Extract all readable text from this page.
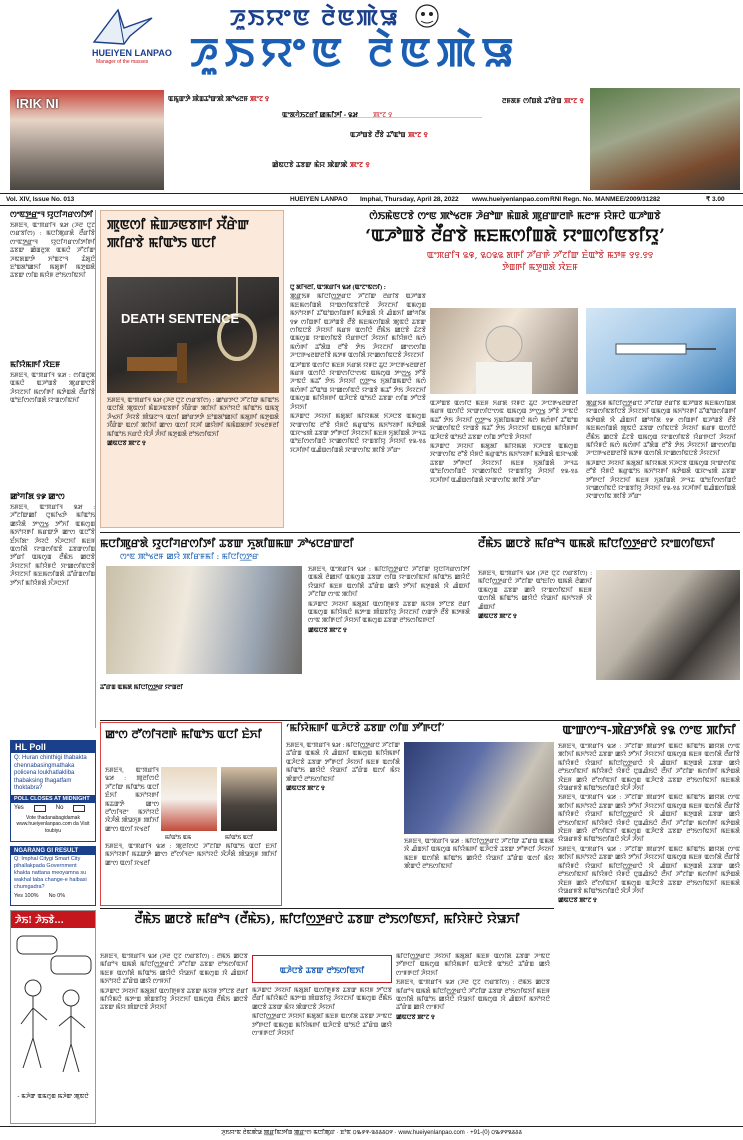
HUEIYEN LANPAO
Manager of the masses
ꯍꯨꯏꯌꯦꯟ ꯂꯥꯟꯄꯥꯎ
ꯍꯨꯏꯌꯦꯟ ꯂꯥꯟꯄꯥꯎ
IRIK NI	ꯑꯃꯨꯛꯇꯥ ꯄꯥꯡꯊꯣꯛꯄꯥ ꯄꯣꯠꯂꯝ ꯄꯦꯖ ꯱
ꯑꯦꯗꯚꯥꯏꯖꯔꯤ ꯀꯃꯤꯇꯤ - ꯲꯷ ꯄꯦꯖ ꯱
ꯑꯍꯣꯡꯕꯥ ꯂꯩꯕꯥ ꯊꯧꯑꯣꯡ ꯄꯦꯖ ꯱
ꯀꯥꯟꯅꯕꯥ ꯊꯕꯛ ꯃꯥꯌ ꯄꯥꯛꯄꯥ ꯄꯦꯖ ꯱
ꯂꯝꯗꯝ ꯁꯤꯡꯗꯥ ꯊꯧꯔꯥꯡ ꯄꯦꯖ ꯱
Vol. XIV, Issue No. 013	HUEIYEN LANPAO Imphal, Thursday, April 28, 2022 www.hueiyenlanpao.com RNI Regn. No. MANMEE/2009/31282	₹ 3.00
ꯁꯦꯟꯇ꯭ꯔꯦꯜ ꯌꯨꯅꯤꯚꯔꯁꯤꯇꯤ

ꯏꯝꯐꯥꯜ, ꯑꯦꯞꯔꯤꯜ ꯲꯷ (ꯍꯂ ꯅꯨꯖ ꯁꯔꯕꯤꯁ) : ꯃꯅꯤꯄꯨꯔꯗꯥ ꯂꯩꯔꯤꯕꯥ ꯁꯦꯟꯇ꯭ꯔꯦꯜ ꯌꯨꯅꯤꯚꯔꯁꯤꯇꯤꯒꯤ ꯊꯕꯛ ꯀꯥꯡꯂꯨꯞ ꯑꯃꯅꯥ ꯍꯧꯖꯤꯛ ꯍꯟꯗꯛꯇꯥ ꯈꯣꯡꯖꯦꯜ ꯊꯥꯗꯨꯅꯥ ꯐꯣꯡꯗꯣꯀꯈꯤ ꯃꯗꯨꯒꯤ ꯃꯇꯨꯡꯗꯥ ꯊꯕꯛ ꯁꯤꯡ ꯃꯌꯥꯝ ꯂꯣꯏꯁꯤꯟꯈꯤ

ꯃꯤꯌꯥꯃꯒꯤ ꯋꯥꯐꯝ

ꯏꯝꯐꯥꯜ, ꯑꯦꯞꯔꯤꯜ ꯲꯷ : ꯁꯤꯡꯂꯨꯞ ꯑꯃꯅꯥ ꯑꯍꯣꯡꯕꯥ ꯄꯨꯔꯛꯅꯕꯥ ꯍꯥꯌꯖꯈꯤ ꯃꯁꯤꯒꯤ ꯃꯇꯥꯡꯗꯥ ꯂꯩꯔꯤꯕꯥ ꯑꯣꯐꯤꯁꯁꯤꯡꯗꯥ ꯌꯦꯡꯁꯤꯟꯈꯤ

ꯀꯣꯚꯤꯗ ꯱꯹ ꯀꯦꯁ

ꯏꯝꯐꯥꯜ, ꯑꯦꯞꯔꯤꯜ ꯲꯷ : ꯍꯧꯖꯤꯛꯀꯤ ꯅꯨꯃꯤꯠꯇꯥ ꯃꯤꯑꯣꯏ ꯀꯌꯥꯗꯥ ꯇꯦꯁ꯭ꯠ ꯇꯧꯈꯤ ꯑꯃꯁꯨꯡ ꯃꯈꯣꯌꯒꯤ ꯃꯔꯛꯇꯥ ꯀꯦꯁ ꯑꯅꯧꯕꯥ ꯐꯪꯈꯤꯗꯦ ꯍꯥꯌꯅꯥ ꯈꯪꯍꯅꯈꯤ ꯃꯐꯝ ꯑꯁꯤꯗꯥ ꯌꯦꯡꯁꯤꯟꯕꯥ ꯊꯕꯛꯁꯤꯡ ꯇꯧꯔꯤ ꯑꯃꯁꯨꯡ ꯂꯩꯃꯥꯏ ꯀꯅꯕꯥ ꯍꯥꯌꯖꯈꯤ ꯃꯤꯌꯥꯝꯅꯥ ꯆꯦꯀꯁꯤꯟꯅꯕꯥ ꯍꯥꯌꯖꯈꯤ ꯃꯐꯃꯁꯤꯡꯗꯥ ꯊꯧꯔꯥꯡꯁꯤꯡ ꯇꯧꯈꯤ ꯃꯤꯌꯥꯝꯗꯥ ꯈꯪꯍꯅꯈꯤ

HL Poll
Q: Huran chinthigi thabakta chennabasingmathaka policena loukhatlakliba thabaksing thagatfam thoktabra?
POLL CLOSES AT MIDNIGHT
Yes	No
Vote thadanabagidamak www.hueiyenlanpao.com da Visit toubiyu
NGARANG GI RESULT
Q: Imphal Citygi Smart City pihallakpada Government khakta nattana meoyamna su wakhal taba change-e haibasi chumgadra?
Yes 100% No 0%
ꯍꯥꯏ! ꯍꯥꯏꯕꯥ...
- ꯃꯍꯥꯛ ꯑꯃꯁꯨꯡ ꯃꯍꯥꯛ ꯄꯨꯟꯅꯥ
ꯁꯥꯏꯃꯥꯟꯅꯕꯥ ꯁꯦꯟ ꯄꯣꯠꯂꯝ ꯍꯥꯔꯣꯛ ꯃꯥꯡꯗꯥ ꯄꯨꯔꯛꯂꯒꯥ ꯃꯂꯦꯝ ꯌꯥꯝꯅꯥ ꯑꯍꯣꯡꯕꯥ
‘ꯑꯍꯣꯡꯕꯥ ꯂꯩꯔꯕꯥ ꯃꯐꯃꯁꯤꯡꯗꯥ ꯌꯦꯡꯁꯤꯟꯕꯤꯌꯨ’
ꯑꯦꯞꯔꯤꯜ ꯲꯶, ꯲꯰꯲꯲ ꯗꯒꯤ ꯍꯧꯔꯒꯥ ꯍꯧꯖꯤꯛ ꯐꯥꯑꯣꯕꯥ ꯃꯇꯝ ꯱꯱.꯱꯱ ꯇꯥꯡꯒꯤ ꯃꯇꯨꯡꯗꯥ ꯋꯥꯐꯝ

ꯅꯨ ꯗꯤꯜꯂꯤ, ꯑꯦꯞꯔꯤꯜ ꯲꯷ (ꯑꯦꯖꯦꯟꯁꯤ) :

ꯄ꯭ꯔꯥꯏꯝ ꯃꯤꯅꯤꯁ꯭ꯇꯔꯅꯥ ꯍꯧꯖꯤꯛ ꯂꯩꯔꯤꯕꯥ ꯑꯍꯣꯡꯕꯥ ꯃꯐꯃꯁꯤꯡꯗꯥ ꯌꯦꯡꯁꯤꯟꯕꯤꯅꯕꯥ ꯍꯥꯌꯖꯈꯤ ꯑꯃꯁꯨꯡ ꯃꯈꯣꯌꯒꯤ ꯊꯧꯑꯣꯡꯁꯤꯡꯒꯤ ꯃꯇꯥꯡꯗꯥ ꯋꯥ ꯉꯥꯡꯈꯤ ꯀꯣꯚꯤꯗ ꯱꯹ ꯁꯤꯡꯒꯤ ꯑꯍꯣꯡꯕꯥ ꯂꯩꯕꯥ ꯃꯐꯃꯁꯤꯡꯗꯥ ꯄꯨꯟꯅꯥ ꯊꯕꯛ ꯁꯤꯟꯅꯕꯥ ꯍꯥꯌꯈꯤ ꯃꯔꯝ ꯑꯁꯤꯅꯥ ꯂꯩꯃꯥꯏ ꯀꯅꯕꯥ ꯊꯥꯖꯕꯥ ꯑꯃꯁꯨꯡ ꯌꯦꯡꯁꯤꯟꯕꯥ ꯌꯥꯔꯒꯅꯤ ꯍꯥꯌꯈꯤ ꯃꯤꯌꯥꯝꯅꯥ ꯃꯁꯥ ꯃꯁꯥꯒꯤ ꯊꯧꯗꯥꯡ ꯂꯧꯕꯥ ꯇꯥꯏ ꯍꯥꯌꯖꯈꯤ ꯀꯦꯁꯁꯤꯡ ꯍꯦꯅꯒꯠꯂꯛꯂꯤꯕꯥ ꯃꯇꯝ ꯑꯁꯤꯗꯥ ꯆꯦꯀꯁꯤꯟꯅꯕꯥ ꯍꯥꯌꯖꯈꯤ

ꯑꯍꯣꯡꯕꯥ ꯑꯁꯤꯅꯥ ꯃꯐꯝ ꯈꯔꯗꯥ ꯌꯥꯝꯅꯥ ꯊꯨꯅꯥ ꯍꯦꯅꯒꯠꯂꯛꯂꯤ ꯃꯔꯝ ꯑꯁꯤꯅꯥ ꯋꯦꯛꯁꯤꯅꯦꯁꯟ ꯑꯃꯁꯨꯡ ꯇꯦꯁ꯭ꯠ ꯇꯧꯕꯥ ꯍꯦꯟꯅꯥ ꯃꯊꯧ ꯇꯥꯏ ꯍꯥꯌꯈꯤ ꯁ꯭ꯇꯦꯠ ꯈꯨꯗꯤꯡꯃꯛꯅꯥ ꯃꯁꯥ ꯃꯁꯥꯒꯤ ꯊꯧꯑꯣꯡ ꯆꯦꯀꯁꯤꯟꯅꯥ ꯌꯦꯡꯕꯥ ꯃꯊꯧ ꯇꯥꯏ ꯍꯥꯌꯖꯈꯤ ꯑꯃꯁꯨꯡ ꯃꯤꯌꯥꯝꯒꯤ ꯑꯍꯥꯅꯕꯥ ꯑꯣꯏꯅꯥ ꯊꯕꯛ ꯁꯤꯡ ꯇꯧꯅꯕꯥ ꯍꯥꯌꯈꯤ

ꯃꯍꯥꯛꯅꯥ ꯍꯥꯌꯈꯤ ꯃꯗꯨꯗꯤ ꯃꯤꯌꯥꯃꯗꯥ ꯈꯪꯍꯅꯕꯥ ꯑꯃꯁꯨꯡ ꯋꯦꯛꯁꯤꯟ ꯂꯧꯕꯥ ꯌꯥꯝꯅꯥ ꯃꯔꯨꯑꯣꯏ ꯃꯈꯣꯌꯒꯤ ꯃꯇꯥꯡꯗꯥ ꯑꯆꯦꯠꯄꯥ ꯊꯕꯛ ꯇꯧꯒꯅꯤ ꯍꯥꯌꯖꯈꯤ ꯃꯐꯝ ꯈꯨꯗꯤꯡꯗꯥ ꯍꯦꯜꯊ ꯑꯣꯐꯤꯁꯁꯤꯡꯅꯥ ꯆꯦꯀꯁꯤꯟꯅꯥ ꯌꯦꯡꯕꯤꯌꯨ ꯍꯥꯌꯈꯤ ꯱꯲-꯱꯴ ꯆꯍꯤꯒꯤ ꯑꯉꯥꯡꯁꯤꯡꯗꯥ ꯋꯦꯛꯁꯤꯟ ꯄꯤꯕꯥ ꯍꯧꯔꯦ

ꯑꯍꯣꯡꯕꯥ ꯑꯁꯤꯅꯥ ꯃꯐꯝ ꯈꯔꯗꯥ ꯌꯥꯝꯅꯥ ꯊꯨꯅꯥ ꯍꯦꯅꯒꯠꯂꯛꯂꯤ ꯃꯔꯝ ꯑꯁꯤꯅꯥ ꯋꯦꯛꯁꯤꯅꯦꯁꯟ ꯑꯃꯁꯨꯡ ꯇꯦꯁ꯭ꯠ ꯇꯧꯕꯥ ꯍꯦꯟꯅꯥ ꯃꯊꯧ ꯇꯥꯏ ꯍꯥꯌꯈꯤ ꯁ꯭ꯇꯦꯠ ꯈꯨꯗꯤꯡꯃꯛꯅꯥ ꯃꯁꯥ ꯃꯁꯥꯒꯤ ꯊꯧꯑꯣꯡ ꯆꯦꯀꯁꯤꯟꯅꯥ ꯌꯦꯡꯕꯥ ꯃꯊꯧ ꯇꯥꯏ ꯍꯥꯌꯖꯈꯤ ꯑꯃꯁꯨꯡ ꯃꯤꯌꯥꯝꯒꯤ ꯑꯍꯥꯅꯕꯥ ꯑꯣꯏꯅꯥ ꯊꯕꯛ ꯁꯤꯡ ꯇꯧꯅꯕꯥ ꯍꯥꯌꯈꯤ

ꯃꯍꯥꯛꯅꯥ ꯍꯥꯌꯈꯤ ꯃꯗꯨꯗꯤ ꯃꯤꯌꯥꯃꯗꯥ ꯈꯪꯍꯅꯕꯥ ꯑꯃꯁꯨꯡ ꯋꯦꯛꯁꯤꯟ ꯂꯧꯕꯥ ꯌꯥꯝꯅꯥ ꯃꯔꯨꯑꯣꯏ ꯃꯈꯣꯌꯒꯤ ꯃꯇꯥꯡꯗꯥ ꯑꯆꯦꯠꯄꯥ ꯊꯕꯛ ꯇꯧꯒꯅꯤ ꯍꯥꯌꯖꯈꯤ ꯃꯐꯝ ꯈꯨꯗꯤꯡꯗꯥ ꯍꯦꯜꯊ ꯑꯣꯐꯤꯁꯁꯤꯡꯅꯥ ꯆꯦꯀꯁꯤꯟꯅꯥ ꯌꯦꯡꯕꯤꯌꯨ ꯍꯥꯌꯈꯤ ꯱꯲-꯱꯴ ꯆꯍꯤꯒꯤ ꯑꯉꯥꯡꯁꯤꯡꯗꯥ ꯋꯦꯛꯁꯤꯟ ꯄꯤꯕꯥ ꯍꯧꯔꯦ

ꯄ꯭ꯔꯥꯏꯝ ꯃꯤꯅꯤꯁ꯭ꯇꯔꯅꯥ ꯍꯧꯖꯤꯛ ꯂꯩꯔꯤꯕꯥ ꯑꯍꯣꯡꯕꯥ ꯃꯐꯃꯁꯤꯡꯗꯥ ꯌꯦꯡꯁꯤꯟꯕꯤꯅꯕꯥ ꯍꯥꯌꯖꯈꯤ ꯑꯃꯁꯨꯡ ꯃꯈꯣꯌꯒꯤ ꯊꯧꯑꯣꯡꯁꯤꯡꯒꯤ ꯃꯇꯥꯡꯗꯥ ꯋꯥ ꯉꯥꯡꯈꯤ ꯀꯣꯚꯤꯗ ꯱꯹ ꯁꯤꯡꯒꯤ ꯑꯍꯣꯡꯕꯥ ꯂꯩꯕꯥ ꯃꯐꯃꯁꯤꯡꯗꯥ ꯄꯨꯟꯅꯥ ꯊꯕꯛ ꯁꯤꯟꯅꯕꯥ ꯍꯥꯌꯈꯤ ꯃꯔꯝ ꯑꯁꯤꯅꯥ ꯂꯩꯃꯥꯏ ꯀꯅꯕꯥ ꯊꯥꯖꯕꯥ ꯑꯃꯁꯨꯡ ꯌꯦꯡꯁꯤꯟꯕꯥ ꯌꯥꯔꯒꯅꯤ ꯍꯥꯌꯈꯤ ꯃꯤꯌꯥꯝꯅꯥ ꯃꯁꯥ ꯃꯁꯥꯒꯤ ꯊꯧꯗꯥꯡ ꯂꯧꯕꯥ ꯇꯥꯏ ꯍꯥꯌꯖꯈꯤ ꯀꯦꯁꯁꯤꯡ ꯍꯦꯅꯒꯠꯂꯛꯂꯤꯕꯥ ꯃꯇꯝ ꯑꯁꯤꯗꯥ ꯆꯦꯀꯁꯤꯟꯅꯕꯥ ꯍꯥꯌꯖꯈꯤ

ꯃꯍꯥꯛꯅꯥ ꯍꯥꯌꯈꯤ ꯃꯗꯨꯗꯤ ꯃꯤꯌꯥꯃꯗꯥ ꯈꯪꯍꯅꯕꯥ ꯑꯃꯁꯨꯡ ꯋꯦꯛꯁꯤꯟ ꯂꯧꯕꯥ ꯌꯥꯝꯅꯥ ꯃꯔꯨꯑꯣꯏ ꯃꯈꯣꯌꯒꯤ ꯃꯇꯥꯡꯗꯥ ꯑꯆꯦꯠꯄꯥ ꯊꯕꯛ ꯇꯧꯒꯅꯤ ꯍꯥꯌꯖꯈꯤ ꯃꯐꯝ ꯈꯨꯗꯤꯡꯗꯥ ꯍꯦꯜꯊ ꯑꯣꯐꯤꯁꯁꯤꯡꯅꯥ ꯆꯦꯀꯁꯤꯟꯅꯥ ꯌꯦꯡꯕꯤꯌꯨ ꯍꯥꯌꯈꯤ ꯱꯲-꯱꯴ ꯆꯍꯤꯒꯤ ꯑꯉꯥꯡꯁꯤꯡꯗꯥ ꯋꯦꯛꯁꯤꯟ ꯄꯤꯕꯥ ꯍꯧꯔꯦ

ꯄꯨꯟꯁꯤ ꯃꯥꯡꯍꯟꯕꯒꯤ ꯆꯩꯔꯥꯛ ꯄꯤꯔꯕꯥ ꯃꯤꯑꯣꯏ ꯑꯅꯤ
DEATH SENTENCE

ꯏꯝꯐꯥꯜ, ꯑꯦꯞꯔꯤꯜ ꯲꯷ (ꯍꯂ ꯅꯨꯖ ꯁꯔꯕꯤꯁ) : ꯀꯣꯔꯇꯅꯥ ꯍꯧꯖꯤꯛ ꯃꯤꯑꯣꯏ ꯑꯅꯤꯗꯥ ꯄꯨꯟꯁꯤ ꯃꯥꯡꯍꯟꯕꯒꯤ ꯆꯩꯔꯥꯛ ꯄꯤꯈꯤ ꯃꯈꯣꯌꯅꯥ ꯃꯤꯑꯣꯏ ꯑꯃꯕꯨ ꯍꯥꯠꯈꯤ ꯍꯥꯌꯕꯥ ꯄꯥꯎꯖꯦꯜ ꯑꯁꯤ ꯀꯣꯔꯇꯇꯥ ꯐꯣꯡꯗꯣꯀꯈꯤ ꯃꯗꯨꯒꯤ ꯃꯇꯨꯡꯗꯥ ꯆꯩꯔꯥꯛ ꯑꯁꯤ ꯄꯤꯈꯤ ꯀꯦꯁ ꯑꯁꯤ ꯆꯍꯤ ꯀꯌꯥꯒꯤ ꯃꯃꯥꯡꯗꯒꯤ ꯆꯠꯂꯝꯂꯤ ꯃꯤꯑꯣꯏ ꯈꯔꯅꯥ ꯋꯥꯍꯪ ꯍꯪꯈꯤ ꯃꯇꯨꯡꯗꯥ ꯂꯣꯏꯁꯤꯟꯈꯤ

ꯀꯥꯟꯅꯕꯥ ꯄꯦꯖ ꯱

ꯃꯅꯤꯄꯨꯔꯗꯥ ꯌꯨꯅꯤꯚꯔꯁꯤꯇꯤ ꯊꯕꯛ ꯈꯨꯗꯤꯡꯃꯛ ꯍꯣꯠꯅꯔꯛꯂꯤ
ꯁꯦꯟ ꯄꯣꯠꯂꯝ ꯀꯌꯥ ꯄꯤꯔꯝꯃꯤ : ꯃꯤꯅꯤꯁ꯭ꯇꯔ

ꯏꯝꯐꯥꯜ, ꯑꯦꯞꯔꯤꯜ ꯲꯷ : ꯃꯤꯅꯤꯁ꯭ꯇꯔꯅꯥ ꯍꯧꯖꯤꯛ ꯌꯨꯅꯤꯚꯔꯁꯤꯇꯤ ꯑꯃꯗꯥ ꯂꯥꯀꯈꯤ ꯑꯃꯁꯨꯡ ꯊꯕꯛ ꯁꯤꯡ ꯌꯦꯡꯁꯤꯟꯈꯤ ꯃꯤꯑꯣꯏ ꯀꯌꯥꯅꯥ ꯌꯥꯎꯈꯤ ꯃꯐꯝ ꯑꯁꯤꯗꯥ ꯊꯧꯔꯥꯡ ꯀꯌꯥ ꯇꯧꯈꯤ ꯃꯇꯨꯡꯗꯥ ꯋꯥ ꯉꯥꯡꯈꯤ ꯍꯧꯖꯤꯛ ꯁꯦꯟ ꯄꯤꯈꯤ

ꯃꯍꯥꯛꯅꯥ ꯍꯥꯌꯈꯤ ꯃꯗꯨꯗꯤ ꯑꯁꯤꯒꯨꯝꯕꯥ ꯊꯕꯛ ꯃꯌꯥꯝ ꯇꯧꯅꯕꯥ ꯂꯩꯔꯤ ꯑꯃꯁꯨꯡ ꯃꯤꯌꯥꯃꯅꯥ ꯃꯇꯦꯡ ꯄꯥꯡꯕꯤꯌꯨ ꯍꯥꯌꯖꯈꯤ ꯁꯛꯇꯥ ꯂꯩꯕꯥ ꯃꯇꯝꯗꯥ ꯁꯦꯟ ꯄꯤꯒꯅꯤ ꯍꯥꯌꯈꯤ ꯑꯃꯁꯨꯡ ꯊꯕꯛ ꯂꯣꯏꯁꯤꯟꯒꯅꯤ

ꯀꯥꯟꯅꯕꯥ ꯄꯦꯖ ꯱

ꯊꯧꯔꯥꯡ ꯑꯃꯗꯥ ꯃꯤꯅꯤꯁ꯭ꯇꯔ ꯌꯦꯡꯂꯤ
ꯂꯩꯃꯥꯏ ꯀꯅꯕꯥ ꯃꯤꯔꯣꯜ ꯑꯃꯗꯥ ꯃꯤꯅꯤꯁ꯭ꯇꯔꯅꯥ ꯌꯦꯡꯁꯤꯟꯈꯤ

ꯏꯝꯐꯥꯜ, ꯑꯦꯞꯔꯤꯜ ꯲꯷ (ꯍꯂ ꯅꯨꯖ ꯁꯔꯕꯤꯁ) : ꯃꯤꯅꯤꯁ꯭ꯇꯔꯅꯥ ꯍꯧꯖꯤꯛ ꯑꯣꯐꯤꯁ ꯑꯃꯗꯥ ꯂꯥꯀꯈꯤ ꯑꯃꯁꯨꯡ ꯊꯕꯛ ꯀꯌꯥ ꯌꯦꯡꯁꯤꯟꯈꯤ ꯃꯐꯝ ꯑꯁꯤꯗꯥ ꯃꯤꯑꯣꯏ ꯀꯌꯥꯅꯥ ꯌꯥꯎꯈꯤ ꯃꯈꯣꯌꯒꯥ ꯋꯥ ꯉꯥꯡꯈꯤ

ꯀꯥꯟꯅꯕꯥ ꯄꯦꯖ ꯱

ꯀꯦꯁ ꯂꯧꯁꯤꯜꯂꯒꯥ ꯃꯤꯑꯣꯏ ꯑꯅꯤ ꯐꯥꯈꯤ
ꯃꯤꯑꯣꯏ ꯑꯃ	ꯃꯤꯑꯣꯏ ꯑꯅꯤ

ꯏꯝꯐꯥꯜ, ꯑꯦꯞꯔꯤꯜ ꯲꯷ : ꯄꯨꯂꯤꯁꯅꯥ ꯍꯧꯖꯤꯛ ꯃꯤꯑꯣꯏ ꯑꯅꯤ ꯐꯥꯈꯤ ꯃꯈꯣꯌꯒꯤ ꯃꯊꯛꯇꯥ ꯀꯦꯁ ꯂꯧꯁꯤꯜꯂꯦ ꯃꯈꯣꯌꯅꯥ ꯋꯥꯍꯪꯗꯥ ꯄꯥꯎꯈꯨꯝ ꯄꯤꯈꯤ ꯀꯦꯁ ꯑꯁꯤ ꯆꯠꯂꯤ

ꯏꯝꯐꯥꯜ, ꯑꯦꯞꯔꯤꯜ ꯲꯷ : ꯄꯨꯂꯤꯁꯅꯥ ꯍꯧꯖꯤꯛ ꯃꯤꯑꯣꯏ ꯑꯅꯤ ꯐꯥꯈꯤ ꯃꯈꯣꯌꯒꯤ ꯃꯊꯛꯇꯥ ꯀꯦꯁ ꯂꯧꯁꯤꯜꯂꯦ ꯃꯈꯣꯌꯅꯥ ꯋꯥꯍꯪꯗꯥ ꯄꯥꯎꯈꯨꯝ ꯄꯤꯈꯤ ꯀꯦꯁ ꯑꯁꯤ ꯆꯠꯂꯤ

‘ꯃꯤꯌꯥꯃꯒꯤ ꯑꯍꯥꯅꯕꯥ ꯊꯕꯛ ꯁꯤꯡ ꯇꯧꯒꯅꯤ’

ꯏꯝꯐꯥꯜ, ꯑꯦꯞꯔꯤꯜ ꯲꯷ : ꯃꯤꯅꯤꯁ꯭ꯇꯔꯅꯥ ꯍꯧꯖꯤꯛ ꯊꯧꯔꯥꯡ ꯑꯃꯗꯥ ꯋꯥ ꯉꯥꯡꯈꯤ ꯑꯃꯁꯨꯡ ꯃꯤꯌꯥꯃꯒꯤ ꯑꯍꯥꯅꯕꯥ ꯊꯕꯛ ꯇꯧꯒꯅꯤ ꯍꯥꯌꯈꯤ ꯃꯐꯝ ꯑꯁꯤꯗꯥ ꯃꯤꯑꯣꯏ ꯀꯌꯥꯅꯥ ꯌꯥꯎꯈꯤ ꯊꯧꯔꯥꯡ ꯑꯁꯤ ꯃꯥꯌ ꯄꯥꯛꯅꯥ ꯂꯣꯏꯁꯤꯟꯈꯤ

ꯀꯥꯟꯅꯕꯥ ꯄꯦꯖ ꯱

ꯏꯝꯐꯥꯜ, ꯑꯦꯞꯔꯤꯜ ꯲꯷ : ꯃꯤꯅꯤꯁ꯭ꯇꯔꯅꯥ ꯍꯧꯖꯤꯛ ꯊꯧꯔꯥꯡ ꯑꯃꯗꯥ ꯋꯥ ꯉꯥꯡꯈꯤ ꯑꯃꯁꯨꯡ ꯃꯤꯌꯥꯃꯒꯤ ꯑꯍꯥꯅꯕꯥ ꯊꯕꯛ ꯇꯧꯒꯅꯤ ꯍꯥꯌꯈꯤ ꯃꯐꯝ ꯑꯁꯤꯗꯥ ꯃꯤꯑꯣꯏ ꯀꯌꯥꯅꯥ ꯌꯥꯎꯈꯤ ꯊꯧꯔꯥꯡ ꯑꯁꯤ ꯃꯥꯌ ꯄꯥꯛꯅꯥ ꯂꯣꯏꯁꯤꯟꯈꯤ

ꯑꯦꯛꯁꯦꯜ-ꯄꯥꯔꯇꯤꯗꯥ ꯱꯲ ꯁꯦꯟ ꯄꯤꯈꯤ

ꯏꯝꯐꯥꯜ, ꯑꯦꯞꯔꯤꯜ ꯲꯷ : ꯍꯧꯖꯤꯛ ꯄꯥꯔꯇꯤ ꯑꯃꯅꯥ ꯃꯤꯑꯣꯏ ꯀꯌꯥꯗꯥ ꯁꯦꯟ ꯄꯤꯈꯤ ꯃꯈꯣꯌꯅꯥ ꯊꯕꯛ ꯀꯌꯥ ꯇꯧꯈꯤ ꯍꯥꯌꯖꯈꯤ ꯑꯃꯁꯨꯡ ꯃꯐꯝ ꯑꯁꯤꯗꯥ ꯂꯩꯔꯤꯕꯥ ꯃꯤꯌꯥꯝꯅꯥ ꯌꯥꯎꯈꯤ ꯃꯤꯅꯤꯁ꯭ꯇꯔꯅꯥ ꯋꯥ ꯉꯥꯡꯈꯤ ꯃꯇꯨꯡꯗꯥ ꯊꯕꯛ ꯀꯌꯥ ꯂꯣꯏꯁꯤꯟꯈꯤ ꯃꯤꯌꯥꯝꯅꯥ ꯌꯥꯝꯅꯥ ꯅꯨꯡꯉꯥꯏꯅꯥ ꯂꯩꯈꯤ ꯍꯧꯖꯤꯛ ꯃꯁꯤꯒꯤ ꯃꯇꯥꯡꯗꯥ ꯋꯥꯐꯝ ꯀꯌꯥ ꯂꯧꯁꯤꯟꯈꯤ ꯑꯃꯁꯨꯡ ꯑꯍꯥꯅꯕꯥ ꯊꯕꯛ ꯂꯣꯏꯁꯤꯟꯈꯤ ꯃꯐꯃꯗꯥ ꯌꯥꯎꯔꯝꯕꯥ ꯃꯤꯑꯣꯏꯁꯤꯡꯅꯥ ꯋꯥꯍꯪ ꯍꯪꯈꯤ

ꯏꯝꯐꯥꯜ, ꯑꯦꯞꯔꯤꯜ ꯲꯷ : ꯍꯧꯖꯤꯛ ꯄꯥꯔꯇꯤ ꯑꯃꯅꯥ ꯃꯤꯑꯣꯏ ꯀꯌꯥꯗꯥ ꯁꯦꯟ ꯄꯤꯈꯤ ꯃꯈꯣꯌꯅꯥ ꯊꯕꯛ ꯀꯌꯥ ꯇꯧꯈꯤ ꯍꯥꯌꯖꯈꯤ ꯑꯃꯁꯨꯡ ꯃꯐꯝ ꯑꯁꯤꯗꯥ ꯂꯩꯔꯤꯕꯥ ꯃꯤꯌꯥꯝꯅꯥ ꯌꯥꯎꯈꯤ ꯃꯤꯅꯤꯁ꯭ꯇꯔꯅꯥ ꯋꯥ ꯉꯥꯡꯈꯤ ꯃꯇꯨꯡꯗꯥ ꯊꯕꯛ ꯀꯌꯥ ꯂꯣꯏꯁꯤꯟꯈꯤ ꯃꯤꯌꯥꯝꯅꯥ ꯌꯥꯝꯅꯥ ꯅꯨꯡꯉꯥꯏꯅꯥ ꯂꯩꯈꯤ ꯍꯧꯖꯤꯛ ꯃꯁꯤꯒꯤ ꯃꯇꯥꯡꯗꯥ ꯋꯥꯐꯝ ꯀꯌꯥ ꯂꯧꯁꯤꯟꯈꯤ ꯑꯃꯁꯨꯡ ꯑꯍꯥꯅꯕꯥ ꯊꯕꯛ ꯂꯣꯏꯁꯤꯟꯈꯤ ꯃꯐꯃꯗꯥ ꯌꯥꯎꯔꯝꯕꯥ ꯃꯤꯑꯣꯏꯁꯤꯡꯅꯥ ꯋꯥꯍꯪ ꯍꯪꯈꯤ

ꯏꯝꯐꯥꯜ, ꯑꯦꯞꯔꯤꯜ ꯲꯷ : ꯍꯧꯖꯤꯛ ꯄꯥꯔꯇꯤ ꯑꯃꯅꯥ ꯃꯤꯑꯣꯏ ꯀꯌꯥꯗꯥ ꯁꯦꯟ ꯄꯤꯈꯤ ꯃꯈꯣꯌꯅꯥ ꯊꯕꯛ ꯀꯌꯥ ꯇꯧꯈꯤ ꯍꯥꯌꯖꯈꯤ ꯑꯃꯁꯨꯡ ꯃꯐꯝ ꯑꯁꯤꯗꯥ ꯂꯩꯔꯤꯕꯥ ꯃꯤꯌꯥꯝꯅꯥ ꯌꯥꯎꯈꯤ ꯃꯤꯅꯤꯁ꯭ꯇꯔꯅꯥ ꯋꯥ ꯉꯥꯡꯈꯤ ꯃꯇꯨꯡꯗꯥ ꯊꯕꯛ ꯀꯌꯥ ꯂꯣꯏꯁꯤꯟꯈꯤ ꯃꯤꯌꯥꯝꯅꯥ ꯌꯥꯝꯅꯥ ꯅꯨꯡꯉꯥꯏꯅꯥ ꯂꯩꯈꯤ ꯍꯧꯖꯤꯛ ꯃꯁꯤꯒꯤ ꯃꯇꯥꯡꯗꯥ ꯋꯥꯐꯝ ꯀꯌꯥ ꯂꯧꯁꯤꯟꯈꯤ ꯑꯃꯁꯨꯡ ꯑꯍꯥꯅꯕꯥ ꯊꯕꯛ ꯂꯣꯏꯁꯤꯟꯈꯤ ꯃꯐꯃꯗꯥ ꯌꯥꯎꯔꯝꯕꯥ ꯃꯤꯑꯣꯏꯁꯤꯡꯅꯥ ꯋꯥꯍꯪ ꯍꯪꯈꯤ

ꯀꯥꯟꯅꯕꯥ ꯄꯦꯖ ꯱

ꯂꯩꯃꯥꯏ ꯀꯅꯕꯥ ꯃꯤꯔꯣꯜ (ꯂꯩꯃꯥꯏ), ꯃꯤꯅꯤꯁ꯭ꯇꯔꯅꯥ ꯊꯕꯛ ꯂꯣꯏꯁꯤꯟꯈꯤ, ꯃꯤꯌꯥꯝꯅꯥ ꯌꯥꯎꯈꯤ
ꯑꯍꯥꯅꯕꯥ ꯊꯕꯛ ꯂꯣꯏꯁꯤꯟꯈꯤ

ꯏꯝꯐꯥꯜ, ꯑꯦꯞꯔꯤꯜ ꯲꯷ (ꯍꯂ ꯅꯨꯖ ꯁꯔꯕꯤꯁ) : ꯂꯩꯃꯥꯏ ꯀꯅꯕꯥ ꯃꯤꯔꯣꯜ ꯑꯃꯗꯥ ꯃꯤꯅꯤꯁ꯭ꯇꯔꯅꯥ ꯍꯧꯖꯤꯛ ꯊꯕꯛ ꯂꯣꯏꯁꯤꯟꯈꯤ ꯃꯐꯝ ꯑꯁꯤꯗꯥ ꯃꯤꯑꯣꯏ ꯀꯌꯥꯅꯥ ꯌꯥꯎꯈꯤ ꯑꯃꯁꯨꯡ ꯋꯥ ꯉꯥꯡꯈꯤ ꯃꯈꯣꯌꯅꯥ ꯊꯧꯔꯥꯡ ꯀꯌꯥ ꯁꯦꯝꯈꯤ

ꯃꯍꯥꯛꯅꯥ ꯍꯥꯌꯈꯤ ꯃꯗꯨꯗꯤ ꯑꯁꯤꯒꯨꯝꯕꯥ ꯊꯕꯛ ꯃꯌꯥꯝ ꯇꯧꯅꯕꯥ ꯂꯩꯔꯤ ꯃꯤꯌꯥꯃꯅꯥ ꯃꯇꯦꯡ ꯄꯥꯡꯕꯤꯌꯨ ꯍꯥꯌꯖꯈꯤ ꯑꯃꯁꯨꯡ ꯂꯩꯃꯥꯏ ꯀꯅꯕꯥ ꯊꯕꯛ ꯃꯥꯌ ꯄꯥꯛꯅꯕꯥ ꯍꯥꯌꯈꯤ

ꯃꯍꯥꯛꯅꯥ ꯍꯥꯌꯈꯤ ꯃꯗꯨꯗꯤ ꯑꯁꯤꯒꯨꯝꯕꯥ ꯊꯕꯛ ꯃꯌꯥꯝ ꯇꯧꯅꯕꯥ ꯂꯩꯔꯤ ꯃꯤꯌꯥꯃꯅꯥ ꯃꯇꯦꯡ ꯄꯥꯡꯕꯤꯌꯨ ꯍꯥꯌꯖꯈꯤ ꯑꯃꯁꯨꯡ ꯂꯩꯃꯥꯏ ꯀꯅꯕꯥ ꯊꯕꯛ ꯃꯥꯌ ꯄꯥꯛꯅꯕꯥ ꯍꯥꯌꯈꯤ

ꯃꯤꯅꯤꯁ꯭ꯇꯔꯅꯥ ꯍꯥꯌꯈꯤ ꯃꯗꯨꯗꯤ ꯃꯐꯝ ꯑꯁꯤꯗꯥ ꯊꯕꯛ ꯍꯦꯟꯅꯥ ꯇꯧꯒꯅꯤ ꯑꯃꯁꯨꯡ ꯃꯤꯌꯥꯃꯒꯤ ꯑꯍꯥꯅꯕꯥ ꯑꯣꯏꯅꯥ ꯊꯧꯔꯥꯡ ꯀꯌꯥ ꯁꯦꯝꯒꯅꯤ ꯍꯥꯌꯈꯤ

ꯃꯤꯅꯤꯁ꯭ꯇꯔꯅꯥ ꯍꯥꯌꯈꯤ ꯃꯗꯨꯗꯤ ꯃꯐꯝ ꯑꯁꯤꯗꯥ ꯊꯕꯛ ꯍꯦꯟꯅꯥ ꯇꯧꯒꯅꯤ ꯑꯃꯁꯨꯡ ꯃꯤꯌꯥꯃꯒꯤ ꯑꯍꯥꯅꯕꯥ ꯑꯣꯏꯅꯥ ꯊꯧꯔꯥꯡ ꯀꯌꯥ ꯁꯦꯝꯒꯅꯤ ꯍꯥꯌꯈꯤ

ꯏꯝꯐꯥꯜ, ꯑꯦꯞꯔꯤꯜ ꯲꯷ (ꯍꯂ ꯅꯨꯖ ꯁꯔꯕꯤꯁ) : ꯂꯩꯃꯥꯏ ꯀꯅꯕꯥ ꯃꯤꯔꯣꯜ ꯑꯃꯗꯥ ꯃꯤꯅꯤꯁ꯭ꯇꯔꯅꯥ ꯍꯧꯖꯤꯛ ꯊꯕꯛ ꯂꯣꯏꯁꯤꯟꯈꯤ ꯃꯐꯝ ꯑꯁꯤꯗꯥ ꯃꯤꯑꯣꯏ ꯀꯌꯥꯅꯥ ꯌꯥꯎꯈꯤ ꯑꯃꯁꯨꯡ ꯋꯥ ꯉꯥꯡꯈꯤ ꯃꯈꯣꯌꯅꯥ ꯊꯧꯔꯥꯡ ꯀꯌꯥ ꯁꯦꯝꯈꯤ

ꯀꯥꯟꯅꯕꯥ ꯄꯦꯖ ꯱

ꯍꯨꯏꯌꯦꯟ ꯂꯥꯟꯄꯥꯎ ꯄ꯭ꯔꯤꯟꯇꯤꯡ ꯄ꯭ꯔꯦꯁ ꯃꯅꯤꯄꯨꯔ · ꯐꯣꯟ ꯰꯳꯸꯵-꯲꯴꯴꯴꯰꯵ · www.hueiyenlanpao.com · +91-(0) ꯰꯳꯸꯵꯲꯴꯴꯴
